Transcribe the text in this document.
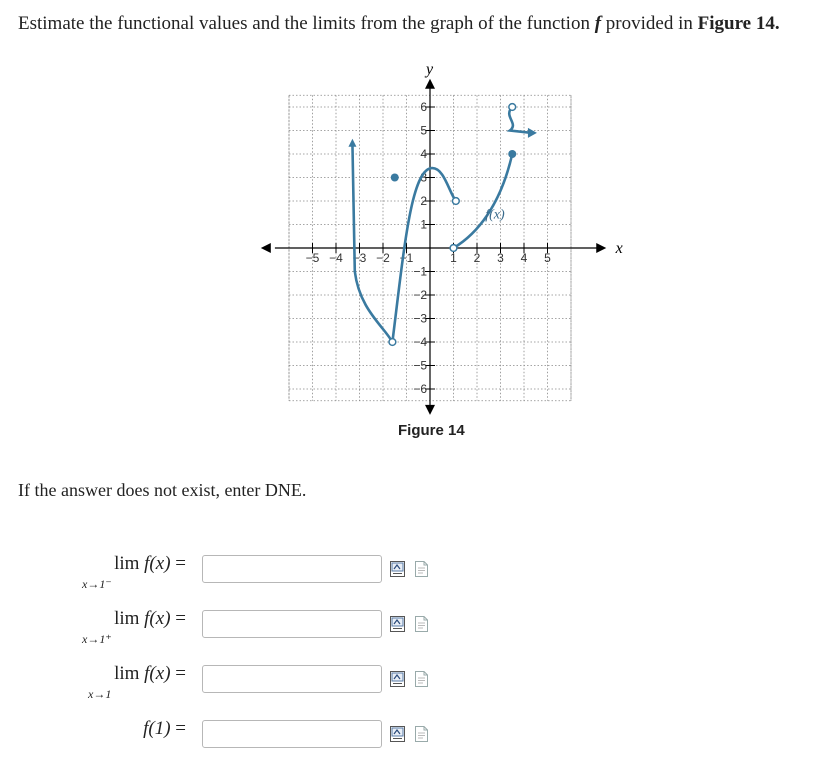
Estimate the functional values and the limits from the graph of the function f provided in Figure 14.
−5 −4 −3 −2 −1	1 2 3 4 5
6
5
4
3
2
1
−1
−2
−3
−4
−5
−6
x
y
f(x)
Figure 14
If the answer does not exist, enter DNE.
lim f(x) =
x→1⁻
lim f(x) =
x→1⁺
lim f(x) =
x→1
f(1) =
